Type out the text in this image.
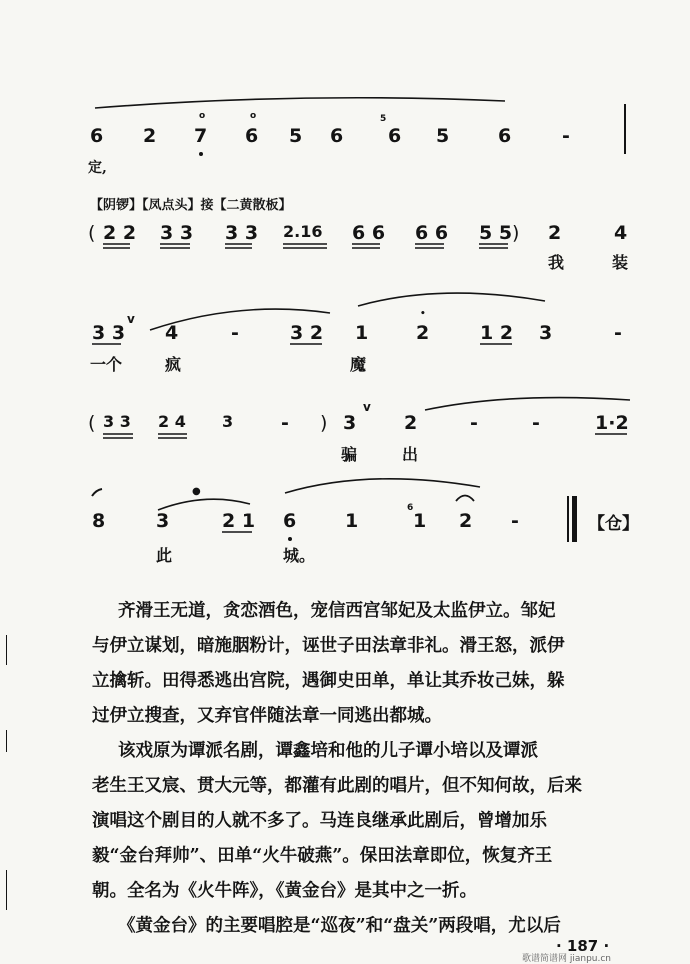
6 2 7
o
6
o
5 6
5
6 5	6	-
定,
【阴锣】【凤点头】接【二黄散板】
( 2 2 3 3 3 3 2.16 6 6 6 6 5 5 ) 2	4
我	装
3 3
v
4	-	3 2 1	2
•
1 2 3	-
一个	疯	魔
( 3 3 2 4 3	- ) 3
v
2	-	-	1·2
骗	出
8
●
3	2 1 6	1
6
1 2 -	【仓】
此	城。
齐滑王无道，贪恋酒色，宠信西宫邹妃及太监伊立。邹妃
与伊立谋划，暗施胭粉计，诬世子田法章非礼。滑王怒，派伊
立擒斩。田得悉逃出宫院，遇御史田单，单让其乔妆己妹，躲
过伊立搜查，又弃官伴随法章一同逃出都城。
该戏原为谭派名剧，谭鑫培和他的儿子谭小培以及谭派
老生王又宸、贯大元等，都灌有此剧的唱片，但不知何故，后来
演唱这个剧目的人就不多了。马连良继承此剧后，曾增加乐
毅“金台拜帅”、田单“火牛破燕”。保田法章即位，恢复齐王
朝。全名为《火牛阵》，《黄金台》是其中之一折。
《黄金台》的主要唱腔是“巡夜”和“盘关”两段唱，尤以后
· 187 ·
歌谱简谱网 jianpu.cn
